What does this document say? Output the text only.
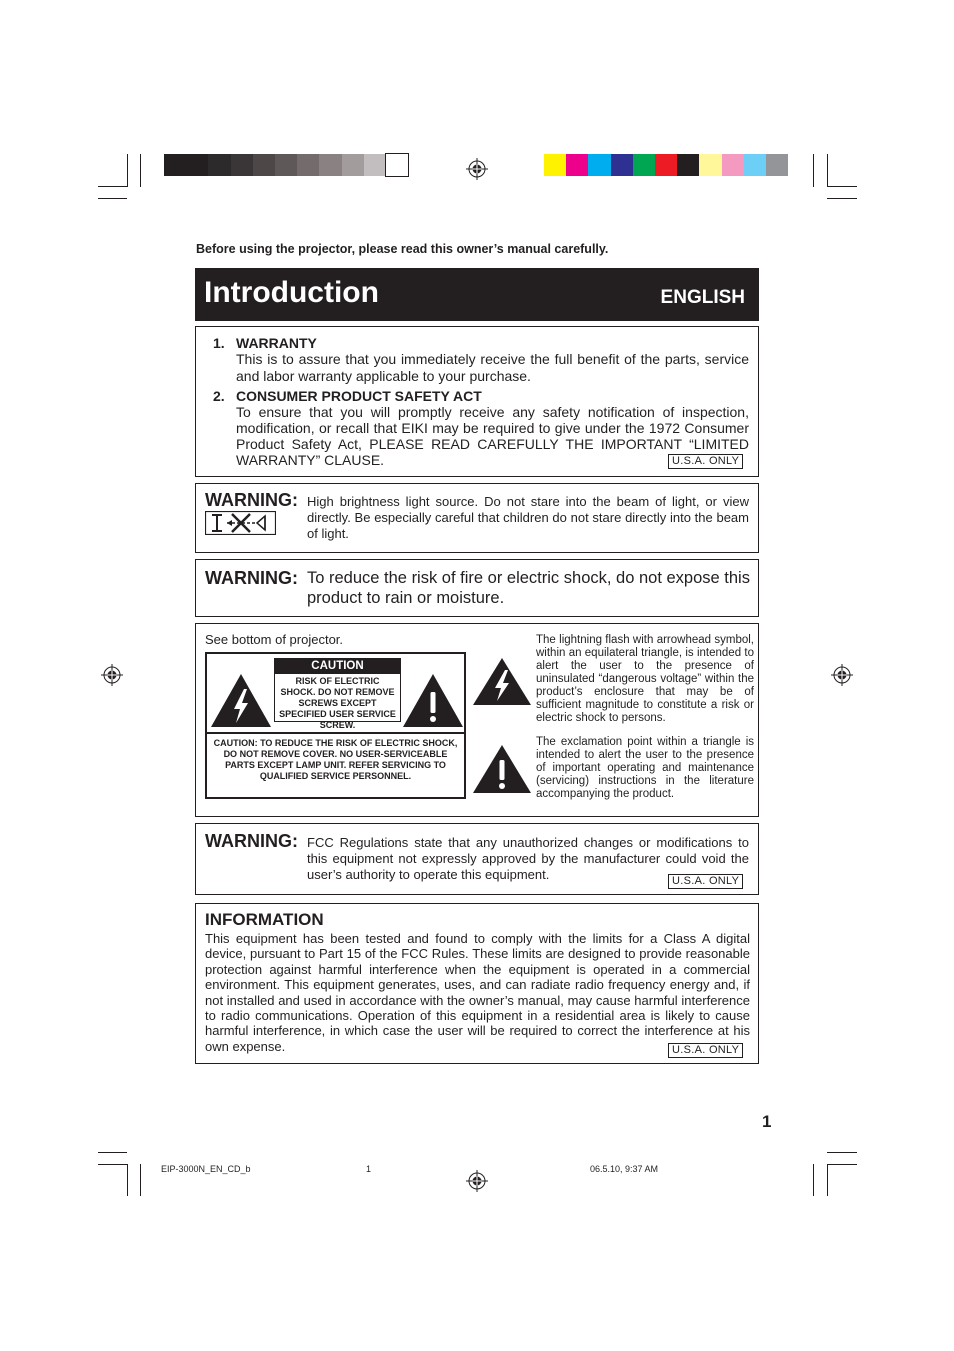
Before using the projector, please read this owner’s manual carefully.
Introduction	ENGLISH
1. WARRANTY
This is to assure that you immediately receive the full benefit of the parts, service and labor warranty applicable to your purchase.
2. CONSUMER PRODUCT SAFETY ACT
To ensure that you will promptly receive any safety notification of inspection, modification, or recall that EIKI may be required to give under the 1972 Consumer Product Safety Act, PLEASE READ CAREFULLY THE IMPORTANT “LIMITED WARRANTY” CLAUSE.	U.S.A. ONLY
WARNING: High brightness light source. Do not stare into the beam of light, or view directly. Be especially careful that children do not stare directly into the beam of light.
WARNING: To reduce the risk of fire or electric shock, do not expose this product to rain or moisture.
See bottom of projector.
CAUTION
RISK OF ELECTRIC SHOCK. DO NOT REMOVE SCREWS EXCEPT SPECIFIED USER SERVICE SCREW.
CAUTION: TO REDUCE THE RISK OF ELECTRIC SHOCK, DO NOT REMOVE COVER. NO USER-SERVICEABLE PARTS EXCEPT LAMP UNIT. REFER SERVICING TO QUALIFIED SERVICE PERSONNEL.
The lightning flash with arrowhead symbol, within an equilateral triangle, is intended to alert the user to the presence of uninsulated “dangerous voltage” within the product’s enclosure that may be of sufficient magnitude to constitute a risk or electric shock to persons.
The exclamation point within a triangle is intended to alert the user to the presence of important operating and maintenance (servicing) instructions in the literature accompanying the product.
WARNING: FCC Regulations state that any unauthorized changes or modifications to this equipment not expressly approved by the manufacturer could void the user’s authority to operate this equipment.	U.S.A. ONLY
INFORMATION
This equipment has been tested and found to comply with the limits for a Class A digital device, pursuant to Part 15 of the FCC Rules. These limits are designed to provide reasonable protection against harmful interference when the equipment is operated in a commercial environment. This equipment generates, uses, and can radiate radio frequency energy and, if not installed and used in accordance with the owner’s manual, may cause harmful interference to radio communications. Operation of this equipment in a residential area is likely to cause harmful interference, in which case the user will be required to correct the interference at his own expense.	U.S.A. ONLY
1
EIP-3000N_EN_CD_b	1	06.5.10, 9:37 AM
